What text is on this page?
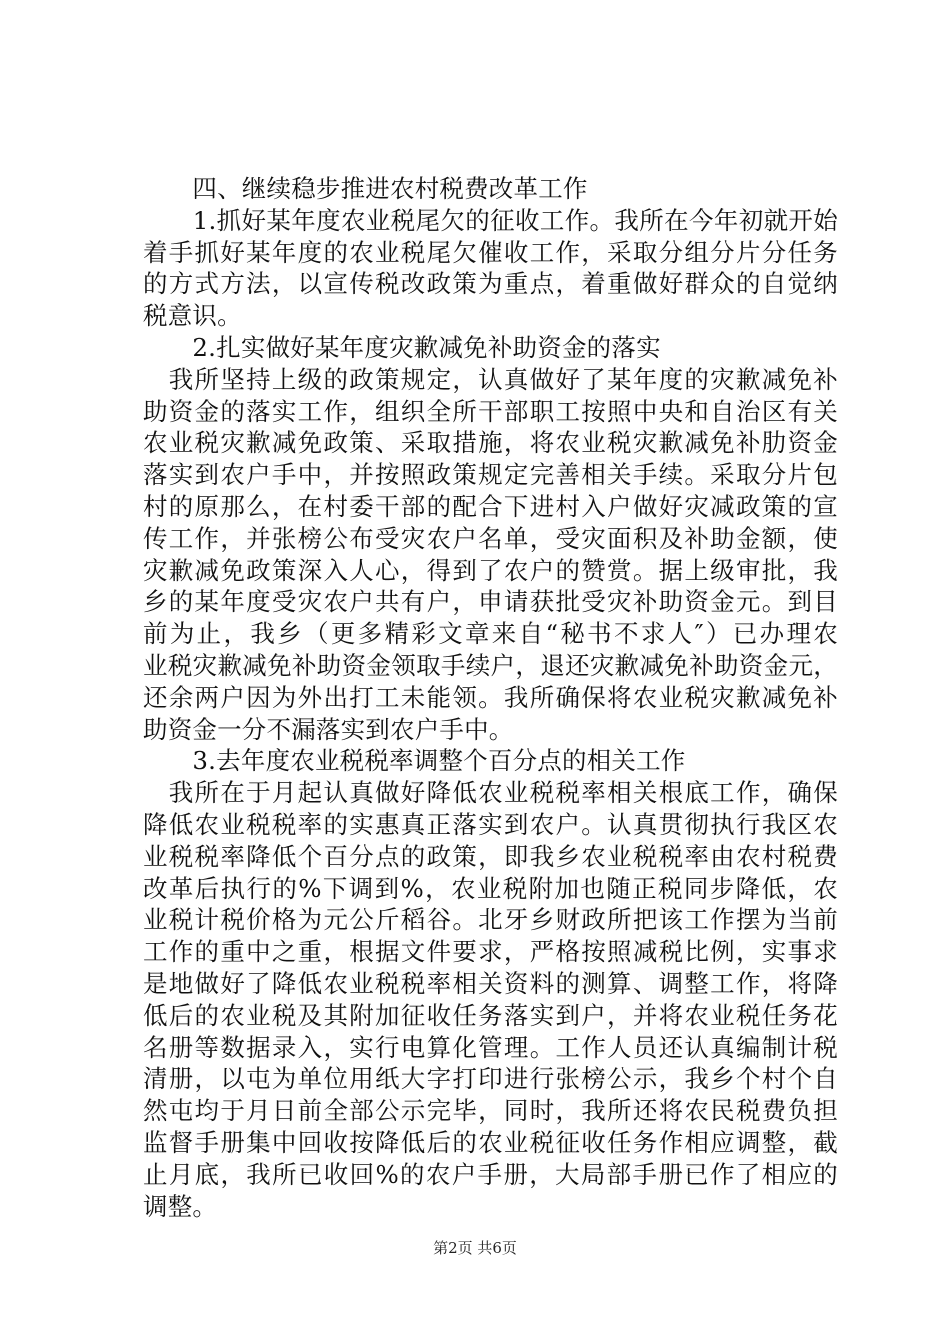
　　四、继续稳步推进农村税费改革工作
　　1.抓好某年度农业税尾欠的征收工作。我所在今年初就开始
着手抓好某年度的农业税尾欠催收工作，采取分组分片分任务
的方式方法，以宣传税改政策为重点，着重做好群众的自觉纳
税意识。
　　2.扎实做好某年度灾歉减免补助资金的落实
　我所坚持上级的政策规定，认真做好了某年度的灾歉减免补
助资金的落实工作，组织全所干部职工按照中央和自治区有关
农业税灾歉减免政策、采取措施，将农业税灾歉减免补肋资金
落实到农户手中，并按照政策规定完善相关手续。采取分片包
村的原那么，在村委干部的配合下进村入户做好灾减政策的宣
传工作，并张榜公布受灾农户名单，受灾面积及补助金额，使
灾歉减免政策深入人心，得到了农户的赞赏。据上级审批，我
乡的某年度受灾农户共有户，申请获批受灾补助资金元。到目
前为止，我乡（更多精彩文章来自“秘书不求人″）已办理农
业税灾歉减免补助资金领取手续户，退还灾歉减免补助资金元，
还余两户因为外出打工未能领。我所确保将农业税灾歉减免补
助资金一分不漏落实到农户手中。
　　3.去年度农业税税率调整个百分点的相关工作
　我所在于月起认真做好降低农业税税率相关根底工作，确保
降低农业税税率的实惠真正落实到农户。认真贯彻执行我区农
业税税率降低个百分点的政策，即我乡农业税税率由农村税费
改革后执行的%下调到%，农业税附加也随正税同步降低，农
业税计税价格为元公斤稻谷。北牙乡财政所把该工作摆为当前
工作的重中之重，根据文件要求，严格按照减税比例，实事求
是地做好了降低农业税税率相关资料的测算、调整工作，将降
低后的农业税及其附加征收任务落实到户，并将农业税任务花
名册等数据录入，实行电算化管理。工作人员还认真编制计税
清册，以屯为单位用纸大字打印进行张榜公示，我乡个村个自
然屯均于月日前全部公示完毕，同时，我所还将农民税费负担
监督手册集中回收按降低后的农业税征收任务作相应调整，截
止月底，我所已收回%的农户手册，大局部手册已作了相应的
调整。
第2页 共6页
